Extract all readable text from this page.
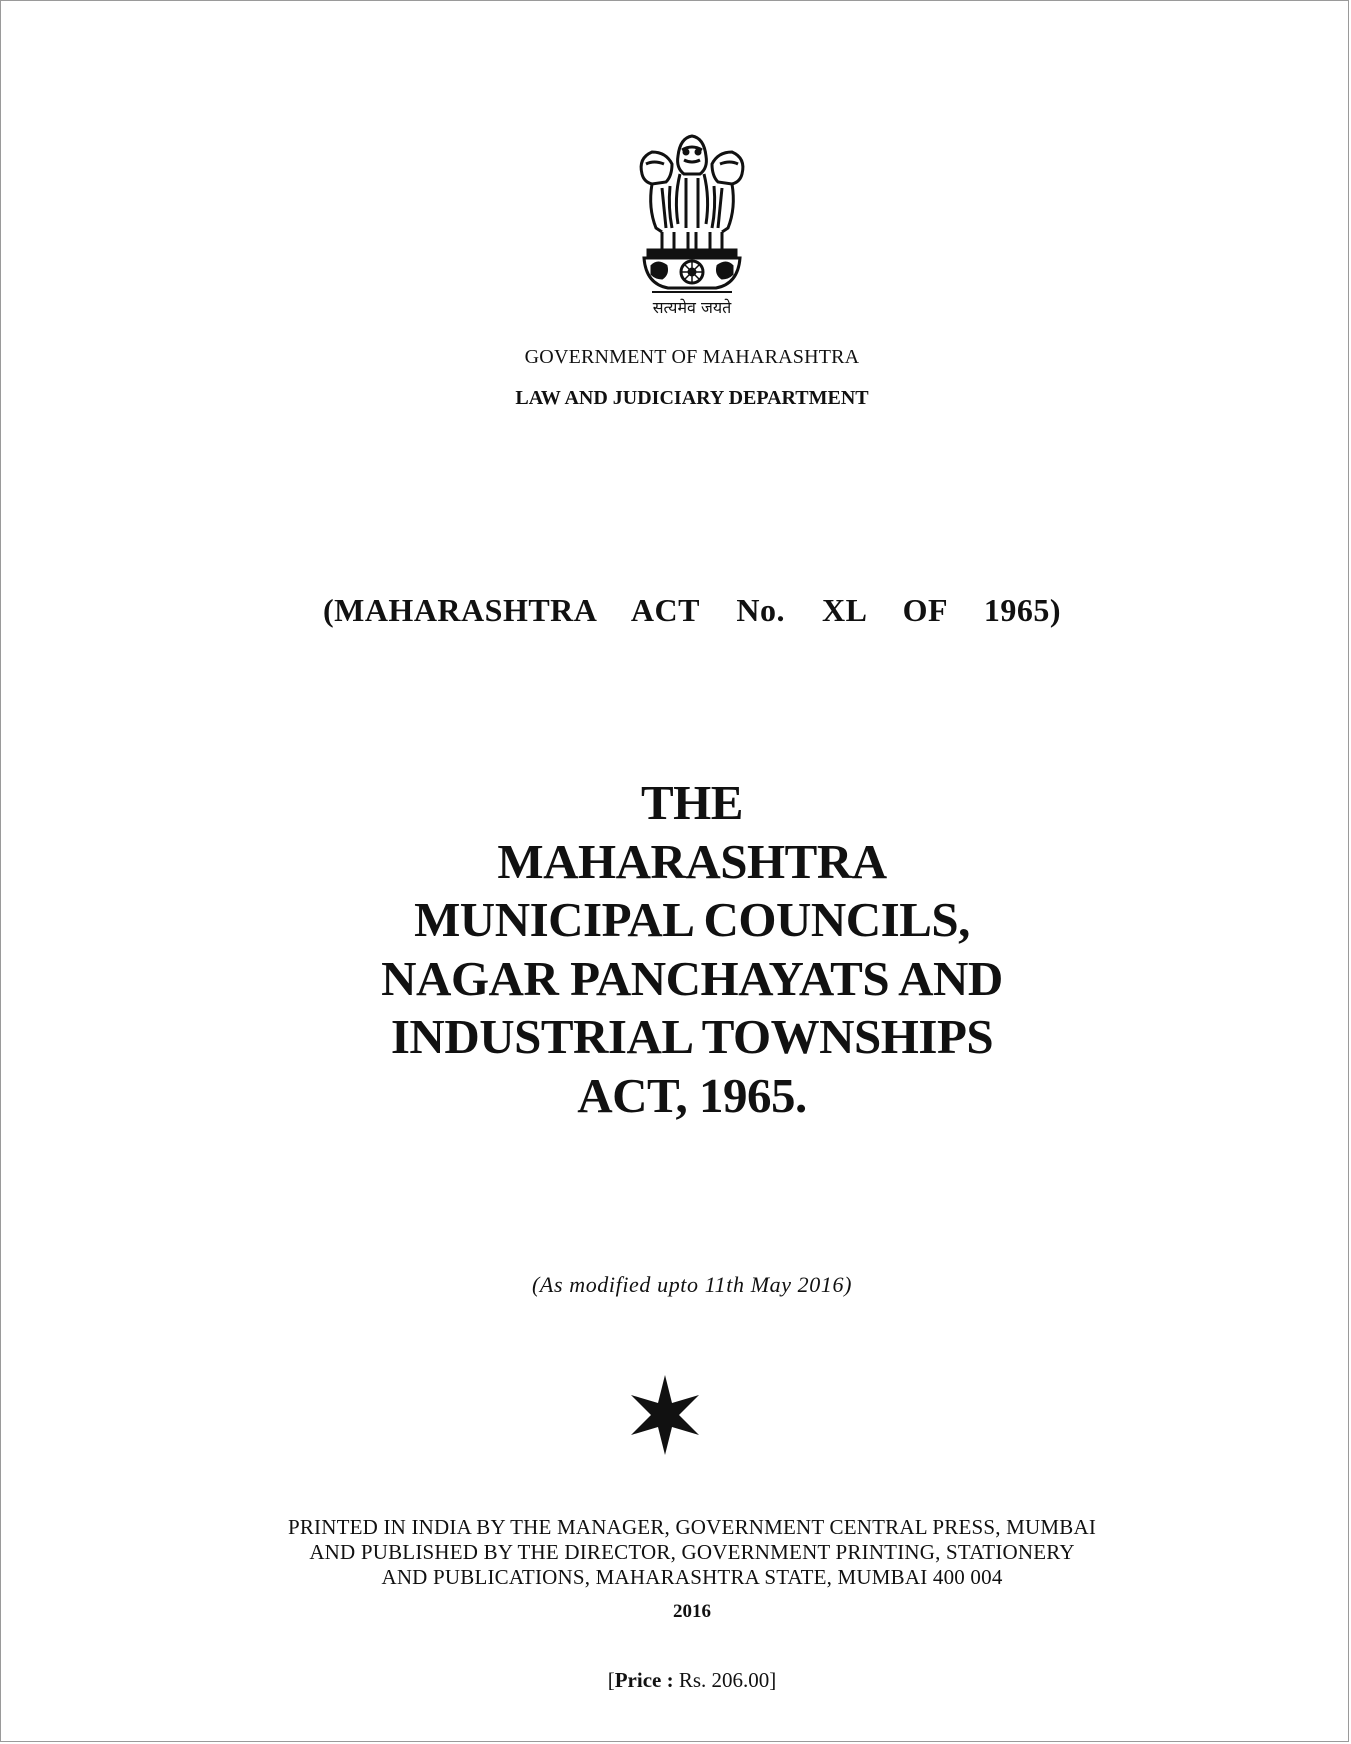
सत्यमेव जयते
GOVERNMENT OF MAHARASHTRA
LAW AND JUDICIARY DEPARTMENT
(MAHARASHTRA  ACT  No.  XL  OF  1965)
THE
MAHARASHTRA
MUNICIPAL COUNCILS,
NAGAR PANCHAYATS AND
INDUSTRIAL TOWNSHIPS
ACT, 1965.
(As modified upto 11th May 2016)
PRINTED IN INDIA BY THE MANAGER, GOVERNMENT CENTRAL PRESS, MUMBAI
AND PUBLISHED BY THE DIRECTOR, GOVERNMENT PRINTING, STATIONERY
AND PUBLICATIONS, MAHARASHTRA STATE, MUMBAI 400 004
2016
[Price : Rs. 206.00]
